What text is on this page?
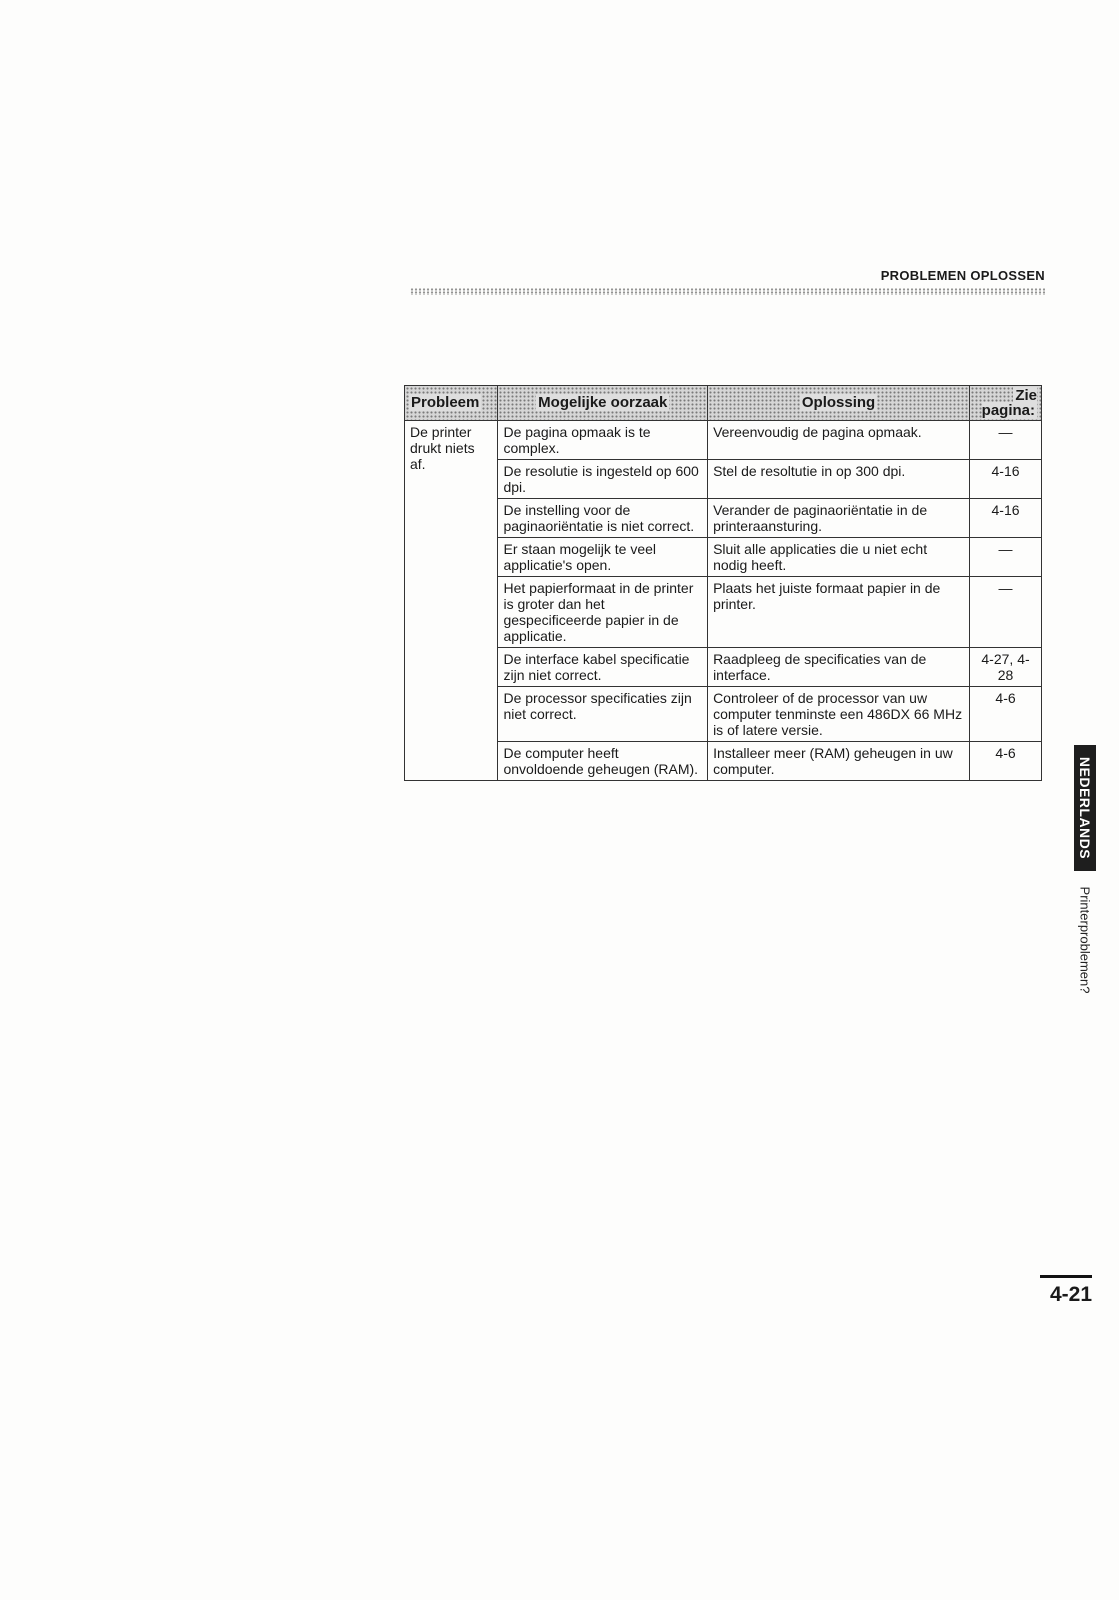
PROBLEMEN OPLOSSEN
Probleem	Mogelijke oorzaak	Oplossing	Zie pagina:
De printer drukt niets af.	De pagina opmaak is te complex.	Vereenvoudig de pagina opmaak.	—
	De resolutie is ingesteld op 600 dpi.	Stel de resoltutie in op 300 dpi.	4-16
	De instelling voor de paginaoriëntatie is niet correct.	Verander de paginaoriëntatie in de printeraansturing.	4-16
	Er staan mogelijk te veel applicatie's open.	Sluit alle applicaties die u niet echt nodig heeft.	—
	Het papierformaat in de printer is groter dan het gespecificeerde papier in de applicatie.	Plaats het juiste formaat papier in de printer.	—
	De interface kabel specificatie zijn niet correct.	Raadpleeg de specificaties van de interface.	4-27, 4-28
	De processor specificaties zijn niet correct.	Controleer of de processor van uw computer tenminste een 486DX 66 MHz is of latere versie.	4-6
	De computer heeft onvoldoende geheugen (RAM).	Installeer meer (RAM) geheugen in uw computer.	4-6
NEDERLANDS
Printerproblemen?
4-21
